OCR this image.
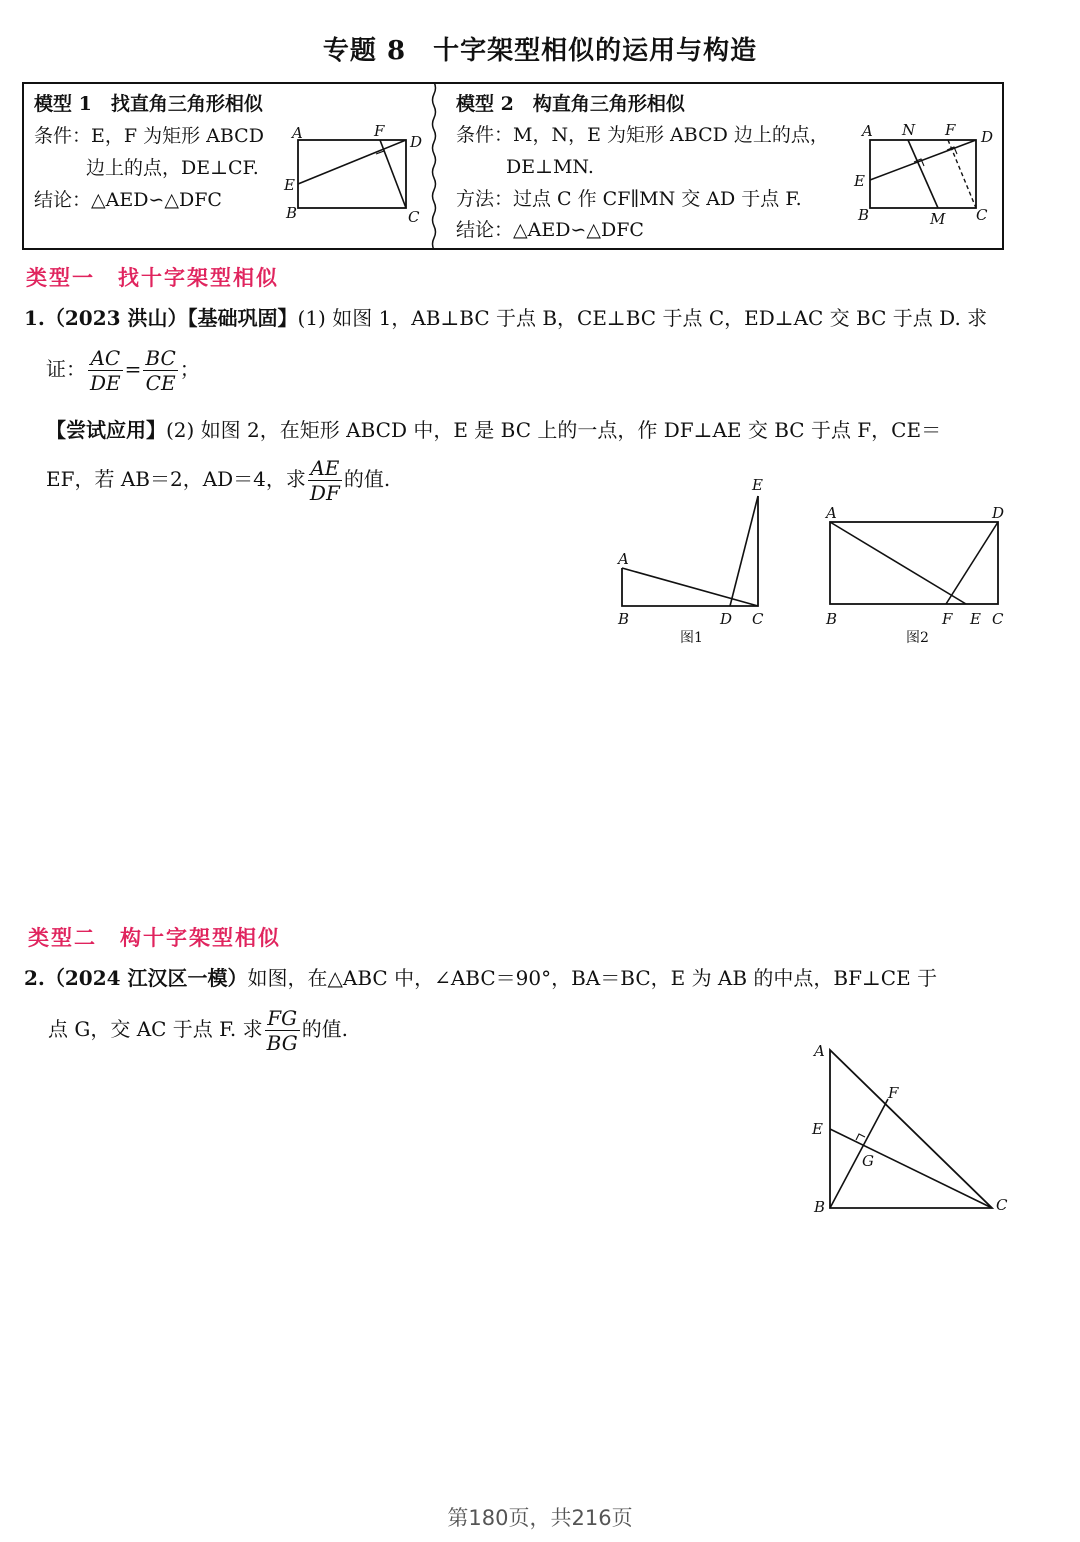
专题 8　十字架型相似的运用与构造
模型 1　找直角三角形相似
条件：E，F 为矩形 ABCD
边上的点，DE⊥CF.
结论：△AED∽△DFC
A	F
D
E
B	C
模型 2　构直角三角形相似
条件：M，N，E 为矩形 ABCD 边上的点，
DE⊥MN.
方法：过点 C 作 CF∥MN 交 AD 于点 F.
结论：△AED∽△DFC
A N F D
E
B	M C
类型一　找十字架型相似
1.（2023 洪山）【基础巩固】(1) 如图 1，AB⊥BC 于点 B，CE⊥BC 于点 C，ED⊥AC 交 BC 于点 D. 求
证： $\frac{AC}{DE} = \frac{BC}{CE}$ ；
【尝试应用】(2) 如图 2，在矩形 ABCD 中，E 是 BC 上的一点，作 DF⊥AE 交 BC 于点 F，CE＝
EF，若 AB＝2，AD＝4，求 $\frac{AE}{DF}$ 的值.
A
B	D C
E
图1
A	D
B	F E C
图2
类型二　构十字架型相似
2.（2024 江汉区一模）如图，在△ABC 中，∠ABC＝90°，BA＝BC，E 为 AB 的中点，BF⊥CE 于
点 G，交 AC 于点 F. 求 $\frac{FG}{BG}$ 的值.
A
E
F
G
B	C
第180页，共216页
